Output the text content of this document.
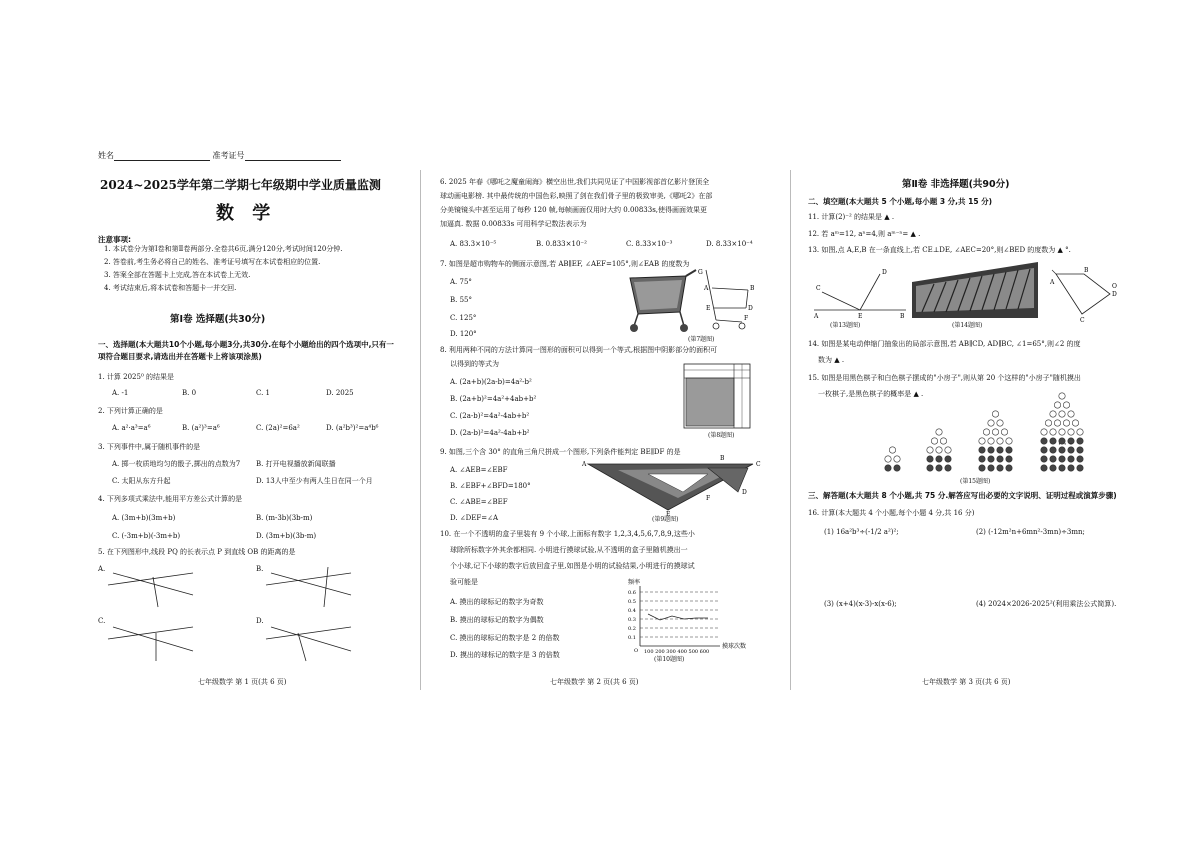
姓名	准考证号
2024~2025学年第二学期七年级期中学业质量监测
数 学
注意事项:
1. 本试卷分为第Ⅰ卷和第Ⅱ卷两部分.全卷共6页,满分120分,考试时间120分钟.
2. 答卷前,考生务必将自己的姓名、准考证号填写在本试卷相应的位置.
3. 答案全部在答题卡上完成,答在本试卷上无效.
4. 考试结束后,将本试卷和答题卡一并交回.
第Ⅰ卷 选择题(共30分)
一、选择题(本大题共10个小题,每小题3分,共30分.在每个小题给出的四个选项中,只有一
项符合题目要求,请选出并在答题卡上将该项涂黑)
1. 计算 2025⁰ 的结果是
A. -1	B. 0	C. 1	D. 2025
2. 下列计算正确的是
A. a²·a³=a⁶	B. (a²)³=a⁶	C. (2a)²=6a²	D. (a²b³)²=a⁴b⁶
3. 下列事件中,属于随机事件的是
A. 掷一枚质地均匀的骰子,掷出的点数为7 B. 打开电视播放新闻联播
C. 太阳从东方升起	D. 13人中至少有两人生日在同一个月
4. 下列多项式乘法中,能用平方差公式计算的是
A. (3m+b)(3m+b)	B. (m-3b)(3b-m)
C. (-3m+b)(-3m+b)	D. (3m+b)(3b-m)
5. 在下列图形中,线段 PQ 的长表示点 P 到直线 OB 的距离的是
A.	B.
C.	D.
七年级数学 第 1 页(共 6 页)
6. 2025 年春《哪吒之魔童闹海》横空出世,我们共同见证了中国影视部首亿影片登顶全
球动画电影榜. 其中最传统的中国色彩,映照了剑在我们骨子里的极致审美,《哪吒2》在部
分美镜镜头中甚至运用了每秒 120 帧,每帧画面仅用时大约 0.00833s,使得画面效果更
加逼真. 数据 0.00833s 可用科学记数法表示为
A. 83.3×10⁻⁵	B. 0.833×10⁻²	C. 8.33×10⁻³	D. 8.33×10⁻⁴
7. 如图是超市购物车的侧面示意图,若 AB∥EF, ∠AEF=105°,则∠EAB 的度数为
A. 75°
B. 55°
C. 125°
D. 120°
G
A
E
B
D
F
(第7题图)
8. 利用两种不同的方法计算同一图形的面积可以得到一个等式,根据图中阴影部分的面积可
以得到的等式为
A. (2a+b)(2a-b)=4a²-b²
B. (2a+b)²=4a²+4ab+b²
C. (2a-b)²=4a²-4ab+b²
D. (2a-b)²=4a²-4ab+b²	(第8题图)
9. 如图,三个含 30° 的直角三角尺拼成一个图形,下列条件能判定 BE∥DF 的是
A. ∠AEB=∠EBF
B. ∠EBF+∠BFD=180°
C. ∠ABE=∠BEF
D. ∠DEF=∠A
A
B
C
D
E
F
(第9题图)
10. 在一个不透明的盒子里装有 9 个小球,上面标有数字 1,2,3,4,5,6,7,8,9,这些小
球除所标数字外其余都相同. 小明进行摸球试验,从不透明的盒子里随机摸出一
个小球,记下小球的数字后放回盒子里,如图是小明的试验结果,小明进行的摸球试
验可能是
A. 摸出的球标记的数字为奇数
B. 摸出的球标记的数字为偶数
C. 摸出的球标记的数字是 2 的倍数
D. 摸出的球标记的数字是 3 的倍数
频率
0.6
0.5
0.4
0.3
0.2
0.1
O 100 200 300 400 500 600
摸球次数
(第10题图)
七年级数学 第 2 页(共 6 页)
第Ⅱ卷 非选择题(共90分)
二、填空题(本大题共 5 个小题,每小题 3 分,共 15 分)
11. 计算(2)⁻² 的结果是 ▲ .
12. 若 aᵐ=12, aⁿ=4,则 aᵐ⁻ⁿ= ▲ .
13. 如图,点 A,E,B 在一条直线上,若 CE⊥DE, ∠AEC=20°,则∠BED 的度数为 ▲ °.
C
D
A	E	B
(第13题图)	(第14题图)
A
B
C
D
O
14. 如图是某电动伸缩门抽象出的局部示意图,若 AB∥CD, AD∥BC, ∠1=65°,则∠2 的度
数为 ▲ .
15. 如图是用黑色棋子和白色棋子摆成的"小房子",则从第 20 个这样的"小房子"随机摸出
一枚棋子,是黑色棋子的概率是 ▲ .
· · ·
(第15题图)
三、解答题(本大题共 8 个小题,共 75 分.解答应写出必要的文字说明、证明过程或演算步骤)
16. 计算(本大题共 4 个小题,每个小题 4 分,共 16 分)
(1) 16a²b³÷(-1/2 a²)²;	(2) (-12m²n+6mn²-3mn)÷3mn;
(3) (x+4)(x-3)-x(x-6);	(4) 2024×2026-2025²(利用乘法公式简算).
七年级数学 第 3 页(共 6 页)
